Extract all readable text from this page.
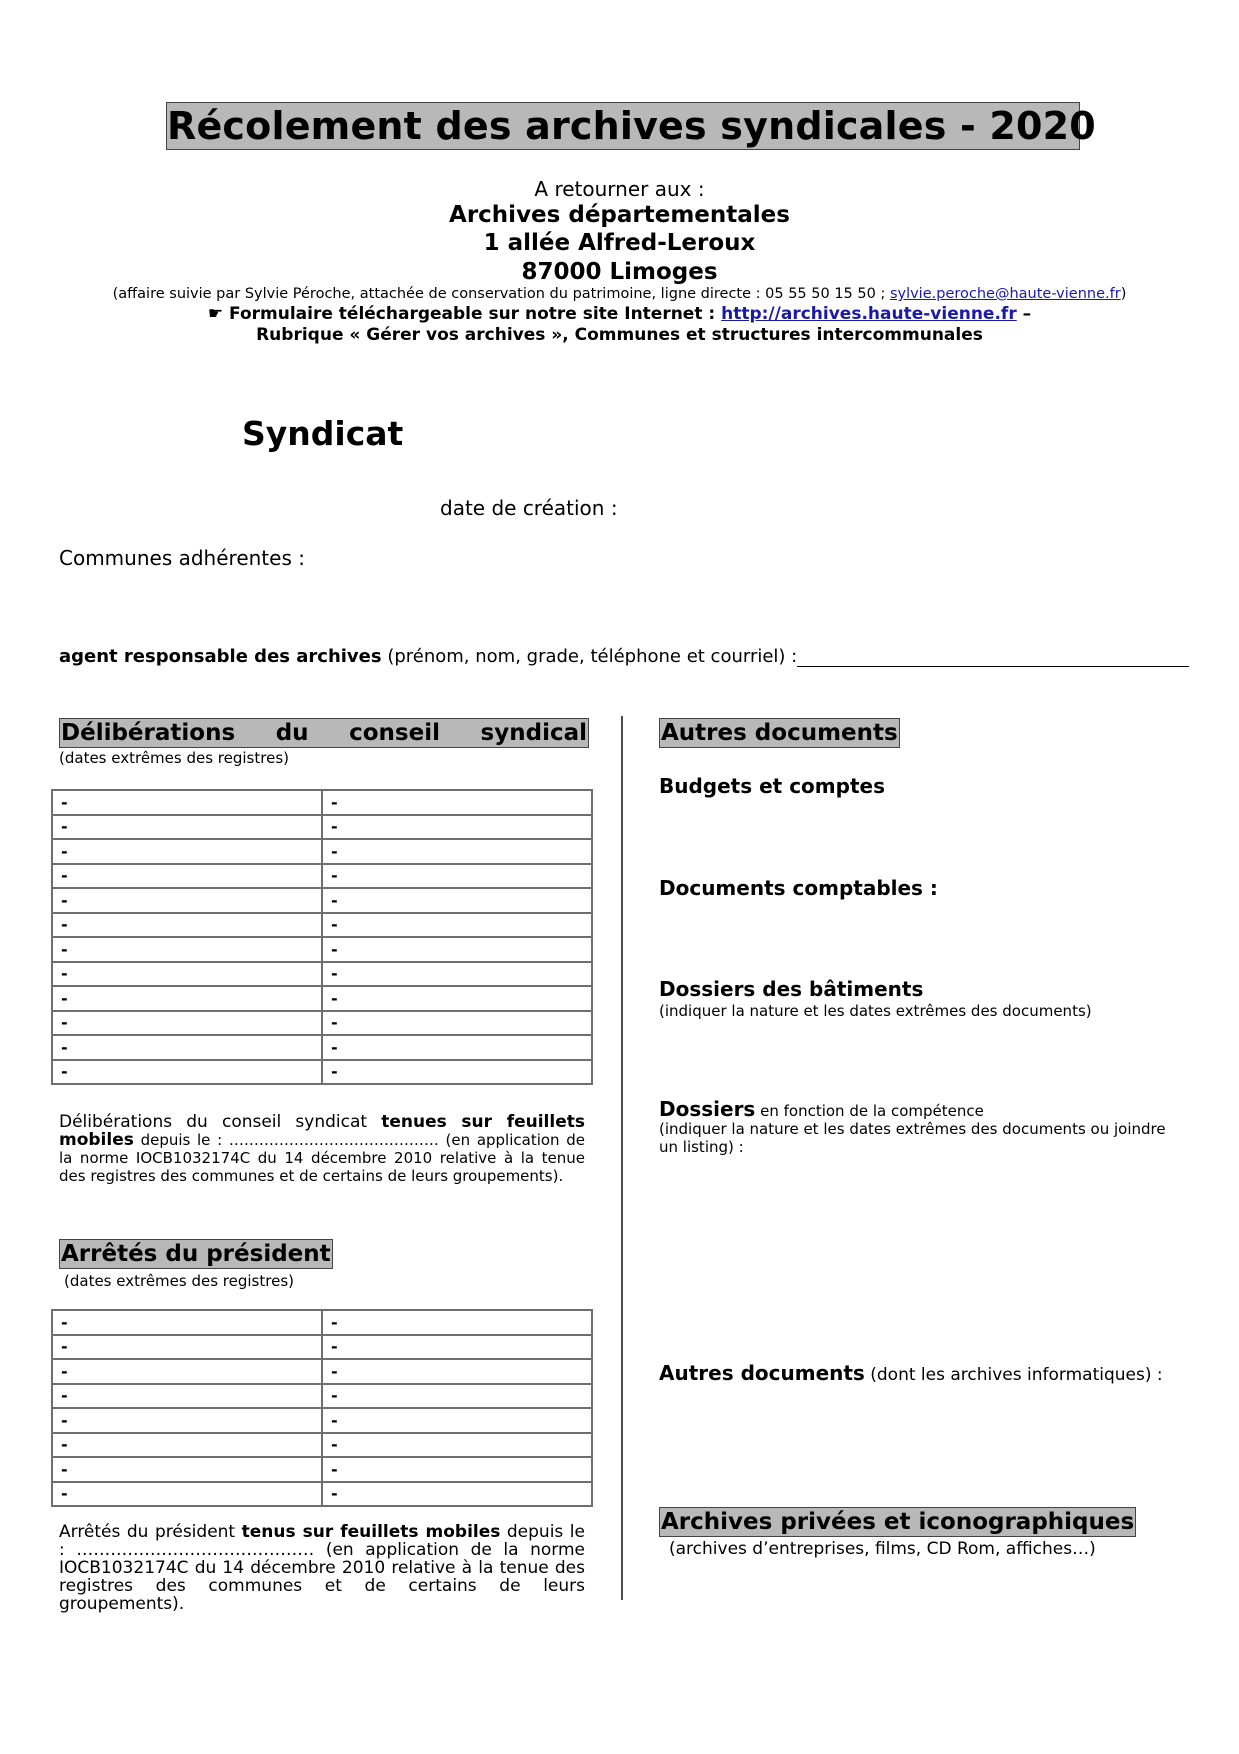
Récolement des archives syndicales - 2020
A retourner aux :
Archives départementales
1 allée Alfred-Leroux
87000 Limoges
(affaire suivie par Sylvie Péroche, attachée de conservation du patrimoine, ligne directe : 05 55 50 15 50 ; sylvie.peroche@haute-vienne.fr)
☛ Formulaire téléchargeable sur notre site Internet : http://archives.haute-vienne.fr –
Rubrique « Gérer vos archives », Communes et structures intercommunales
Syndicat
date de création :
Communes adhérentes :
agent responsable des archives (prénom, nom, grade, téléphone et courriel) :
Délibérations du conseil syndical
(dates extrêmes des registres)
-	-
-	-
-	-
-	-
-	-
-	-
-	-
-	-
-	-
-	-
-	-
-	-
Délibérations du conseil syndicat tenues sur feuillets mobiles depuis le : …………………………………… (en application de la norme IOCB1032174C du 14 décembre 2010 relative à la tenue des registres des communes et de certains de leurs groupements).
Arrêtés du président
(dates extrêmes des registres)
-	-
-	-
-	-
-	-
-	-
-	-
-	-
-	-
Arrêtés du président tenus sur feuillets mobiles depuis le : …………………………………… (en application de la norme IOCB1032174C du 14 décembre 2010 relative à la tenue des registres des communes et de certains de leurs groupements).
Autres documents
Budgets et comptes
Documents comptables :
Dossiers des bâtiments
(indiquer la nature et les dates extrêmes des documents)
Dossiers en fonction de la compétence
(indiquer la nature et les dates extrêmes des documents ou joindre un listing) :
Autres documents (dont les archives informatiques) :
Archives privées et iconographiques
(archives d’entreprises, films, CD Rom, affiches…)
